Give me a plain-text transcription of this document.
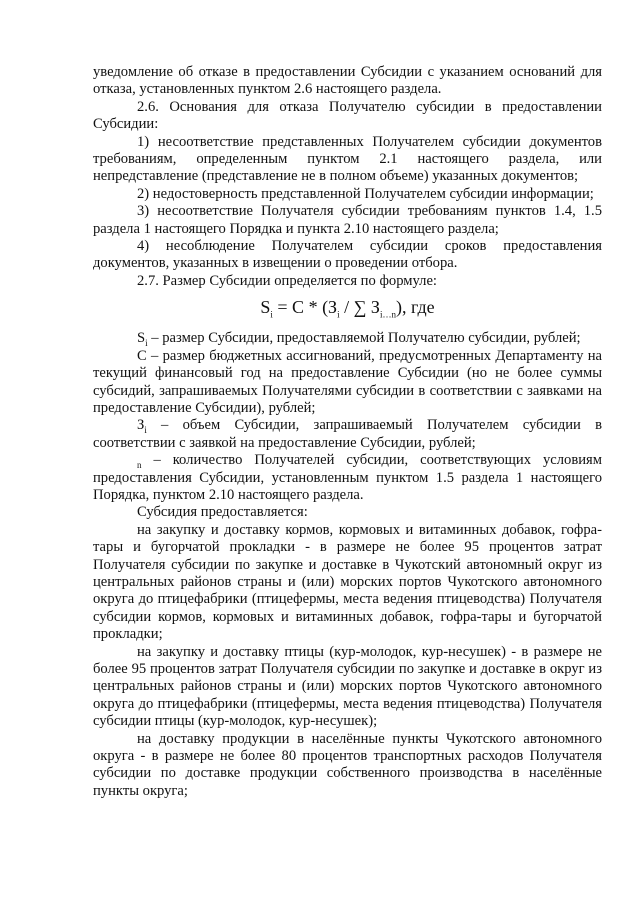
уведомление об отказе в предоставлении Субсидии с указанием оснований для отказа, установленных пунктом 2.6 настоящего раздела.

2.6. Основания для отказа Получателю субсидии в предоставлении Субсидии:

1) несоответствие представленных Получателем субсидии документов требованиям, определенным пунктом 2.1 настоящего раздела, или непредставление (представление не в полном объеме) указанных документов;

2) недостоверность представленной Получателем субсидии информации;

3) несоответствие Получателя субсидии требованиям пунктов 1.4, 1.5 раздела 1 настоящего Порядка и пункта 2.10 настоящего раздела;

4) несоблюдение Получателем субсидии сроков предоставления документов, указанных в извещении о проведении отбора.

2.7. Размер Субсидии определяется по формуле:

$S_i = С * (З_i$ / ∑ $З_{i\dots n}$), где

$S_i$ – размер Субсидии, предоставляемой Получателю субсидии, рублей;

С – размер бюджетных ассигнований, предусмотренных Департаменту на текущий финансовый год на предоставление Субсидии (но не более суммы субсидий, запрашиваемых Получателями субсидии в соответствии с заявками на предоставление Субсидии), рублей;

$З_i$ – объем Субсидии, запрашиваемый Получателем субсидии в соответствии с заявкой на предоставление Субсидии, рублей;

$_n$ – количество Получателей субсидии, соответствующих условиям предоставления Субсидии, установленным пунктом 1.5 раздела 1 настоящего Порядка, пунктом 2.10 настоящего раздела.

Субсидия предоставляется:

на закупку и доставку кормов, кормовых и витаминных добавок, гофра-тары и бугорчатой прокладки - в размере не более 95 процентов затрат Получателя субсидии по закупке и доставке в Чукотский автономный округ из центральных районов страны и (или) морских портов Чукотского автономного округа до птицефабрики (птицефермы, места ведения птицеводства) Получателя субсидии кормов, кормовых и витаминных добавок, гофра-тары и бугорчатой прокладки;

на закупку и доставку птицы (кур-молодок, кур-несушек) - в размере не более 95 процентов затрат Получателя субсидии по закупке и доставке в округ из центральных районов страны и (или) морских портов Чукотского автономного округа до птицефабрики (птицефермы, места ведения птицеводства) Получателя субсидии птицы (кур-молодок, кур-несушек);

на доставку продукции в населённые пункты Чукотского автономного округа - в размере не более 80 процентов транспортных расходов Получателя субсидии по доставке продукции собственного производства в населённые пункты округа;
